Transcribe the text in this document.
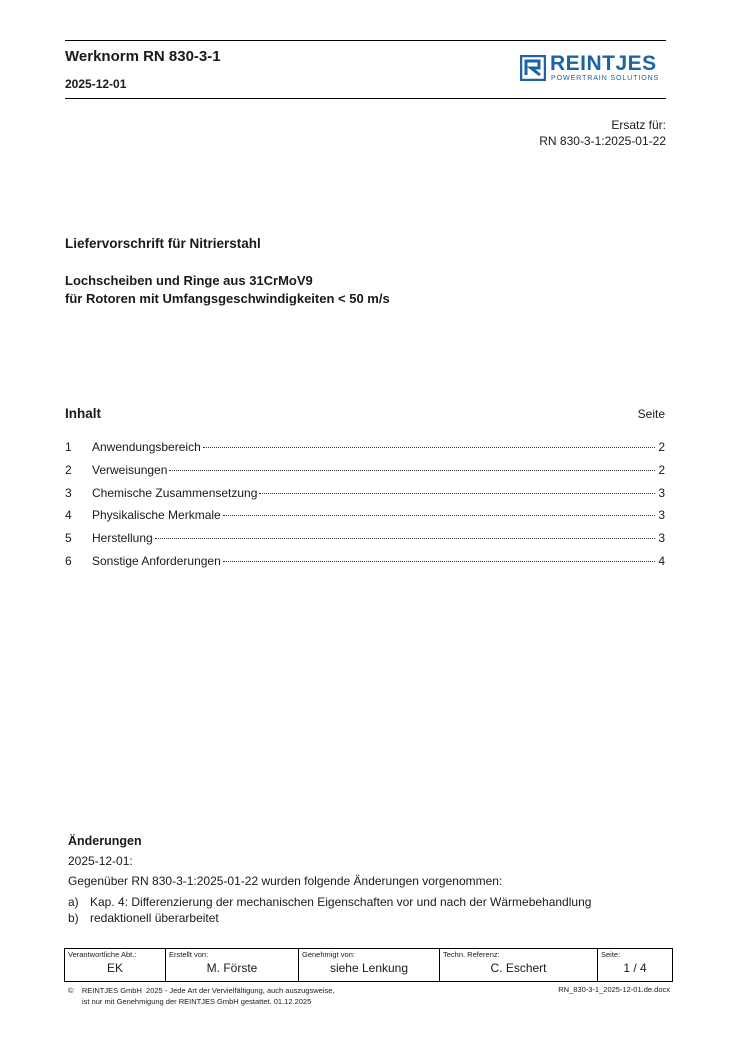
Werknorm RN 830-3-1
2025-12-01
REINTJES
POWERTRAIN SOLUTIONS
Ersatz für:
RN 830-3-1:2025-01-22
Liefervorschrift für Nitrierstahl
Lochscheiben und Ringe aus 31CrMoV9
für Rotoren mit Umfangsgeschwindigkeiten < 50 m/s
Inhalt	Seite
1	Anwendungsbereich	2
2	Verweisungen	2
3	Chemische Zusammensetzung	3
4	Physikalische Merkmale	3
5	Herstellung	3
6	Sonstige Anforderungen	4
Änderungen

2025-12-01:

Gegenüber RN 830-3-1:2025-01-22 wurden folgende Änderungen vorgenommen:

a) Kap. 4: Differenzierung der mechanischen Eigenschaften vor und nach der Wärmebehandlung
b) redaktionell überarbeitet
Verantwortliche Abt.:
EK

Erstellt von:
M. Förste

Genehmigt von:
siehe Lenkung

Techn. Referenz:
C. Eschert

Seite:
1 / 4
©    REINTJES GmbH  2025 - Jede Art der Vervielfältigung, auch auszugsweise,
ist nur mit Genehmigung der REINTJES GmbH gestattet. 01.12.2025
RN_830-3-1_2025-12-01.de.docx
